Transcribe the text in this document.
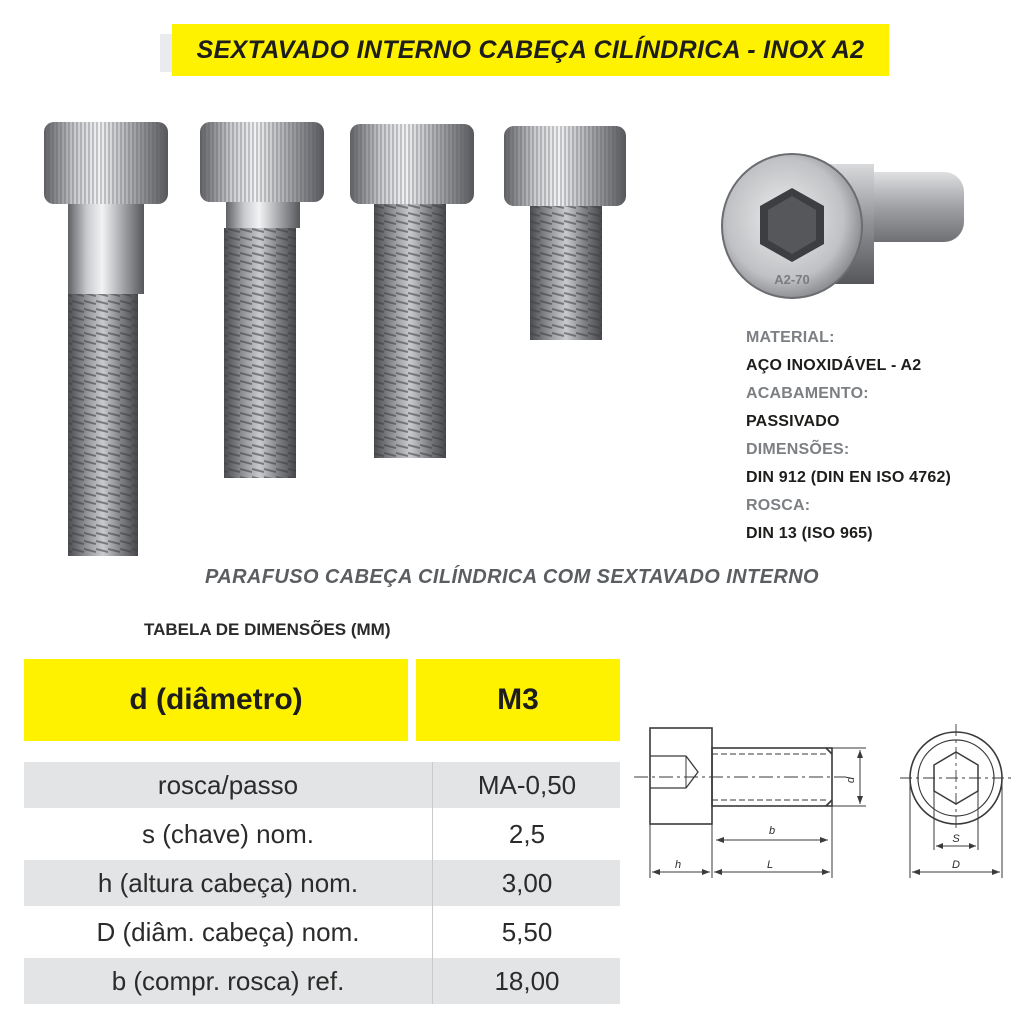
SEXTAVADO INTERNO CABEÇA CILÍNDRICA - INOX A2
A2-70
MATERIAL:
AÇO INOXIDÁVEL - A2
ACABAMENTO:
PASSIVADO
DIMENSÕES:
DIN 912 (DIN EN ISO 4762)
ROSCA:
DIN 13 (ISO 965)
PARAFUSO CABEÇA CILÍNDRICA COM SEXTAVADO INTERNO
TABELA DE DIMENSÕES (MM)
d (diâmetro)	M3
rosca/passo	MA-0,50
s (chave) nom.	2,5
h (altura cabeça) nom.	3,00
D (diâm. cabeça) nom.	5,50
b (compr. rosca) ref.	18,00
b
h	L
d
S
D
